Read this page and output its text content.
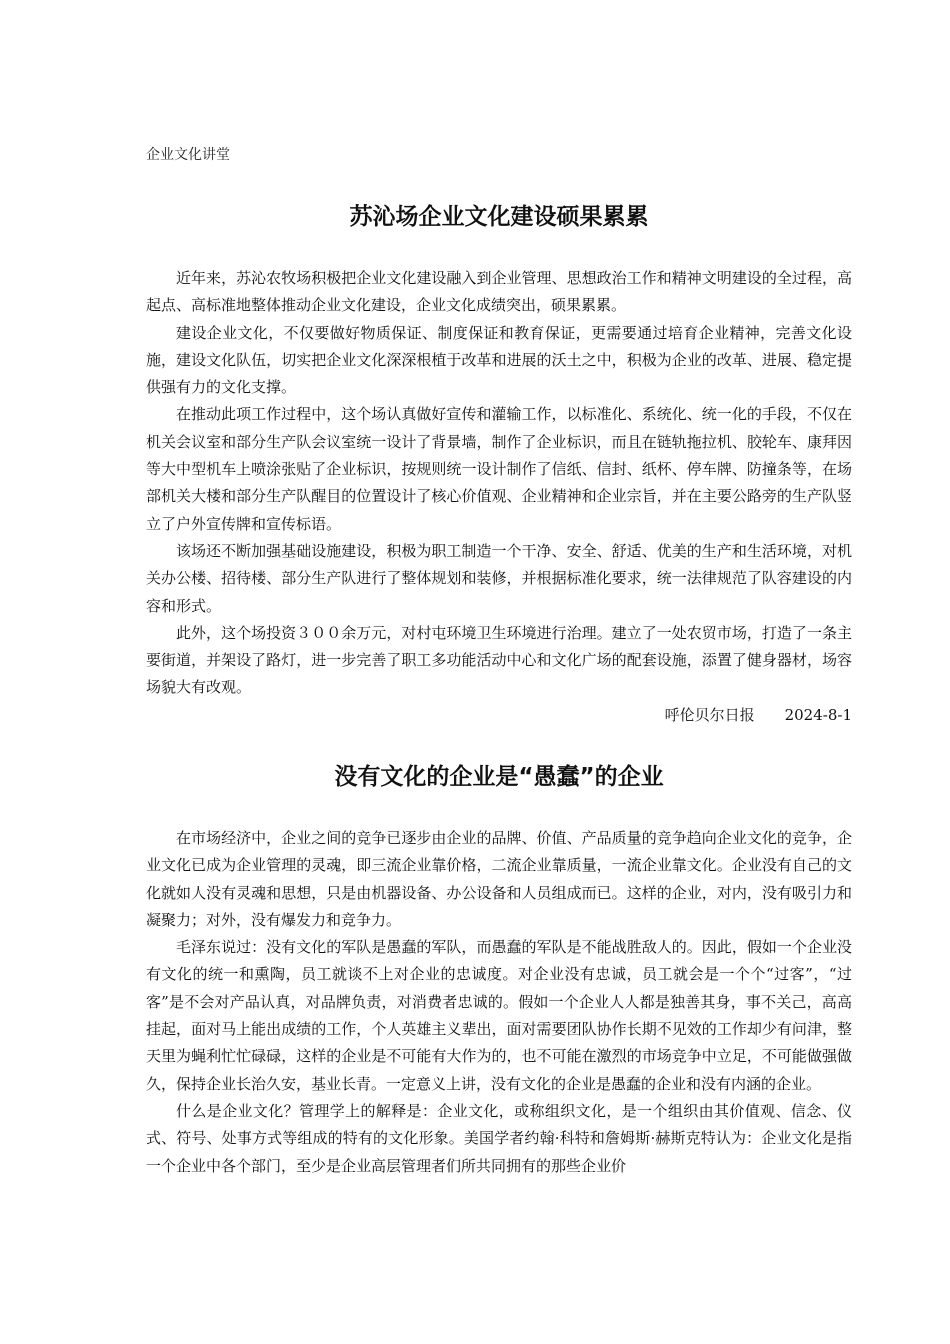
企业文化讲堂
苏沁场企业文化建设硕果累累

近年来，苏沁农牧场积极把企业文化建设融入到企业管理、思想政治工作和精神文明建设的全过程，高起点、高标准地整体推动企业文化建设，企业文化成绩突出，硕果累累。

建设企业文化，不仅要做好物质保证、制度保证和教育保证，更需要通过培育企业精神，完善文化设施，建设文化队伍，切实把企业文化深深根植于改革和进展的沃土之中，积极为企业的改革、进展、稳定提供强有力的文化支撑。

在推动此项工作过程中，这个场认真做好宣传和灌输工作，以标准化、系统化、统一化的手段，不仅在机关会议室和部分生产队会议室统一设计了背景墙，制作了企业标识，而且在链轨拖拉机、胶轮车、康拜因等大中型机车上喷涂张贴了企业标识，按规则统一设计制作了信纸、信封、纸杯、停车牌、防撞条等，在场部机关大楼和部分生产队醒目的位置设计了核心价值观、企业精神和企业宗旨，并在主要公路旁的生产队竖立了户外宣传牌和宣传标语。

该场还不断加强基础设施建设，积极为职工制造一个干净、安全、舒适、优美的生产和生活环境，对机关办公楼、招待楼、部分生产队进行了整体规划和装修，并根据标准化要求，统一法律规范了队容建设的内容和形式。

此外，这个场投资３００余万元，对村屯环境卫生环境进行治理。建立了一处农贸市场，打造了一条主要街道，并架设了路灯，进一步完善了职工多功能活动中心和文化广场的配套设施，添置了健身器材，场容场貌大有改观。

呼伦贝尔日报 2024-8-1

没有文化的企业是“愚蠢”的企业

在市场经济中，企业之间的竞争已逐步由企业的品牌、价值、产品质量的竞争趋向企业文化的竞争，企业文化已成为企业管理的灵魂，即三流企业靠价格，二流企业靠质量，一流企业靠文化。企业没有自己的文化就如人没有灵魂和思想，只是由机器设备、办公设备和人员组成而已。这样的企业，对内，没有吸引力和凝聚力；对外，没有爆发力和竞争力。

毛泽东说过：没有文化的军队是愚蠢的军队，而愚蠢的军队是不能战胜敌人的。因此，假如一个企业没有文化的统一和熏陶，员工就谈不上对企业的忠诚度。对企业没有忠诚，员工就会是一个个“过客”，“过客”是不会对产品认真，对品牌负责，对消费者忠诚的。假如一个企业人人都是独善其身，事不关己，高高挂起，面对马上能出成绩的工作，个人英雄主义辈出，面对需要团队协作长期不见效的工作却少有问津，整天里为蝇利忙忙碌碌，这样的企业是不可能有大作为的，也不可能在激烈的市场竞争中立足，不可能做强做久，保持企业长治久安，基业长青。一定意义上讲，没有文化的企业是愚蠢的企业和没有内涵的企业。

什么是企业文化？管理学上的解释是：企业文化，或称组织文化，是一个组织由其价值观、信念、仪式、符号、处事方式等组成的特有的文化形象。美国学者约翰·科特和詹姆斯·赫斯克特认为：企业文化是指一个企业中各个部门，至少是企业高层管理者们所共同拥有的那些企业价
